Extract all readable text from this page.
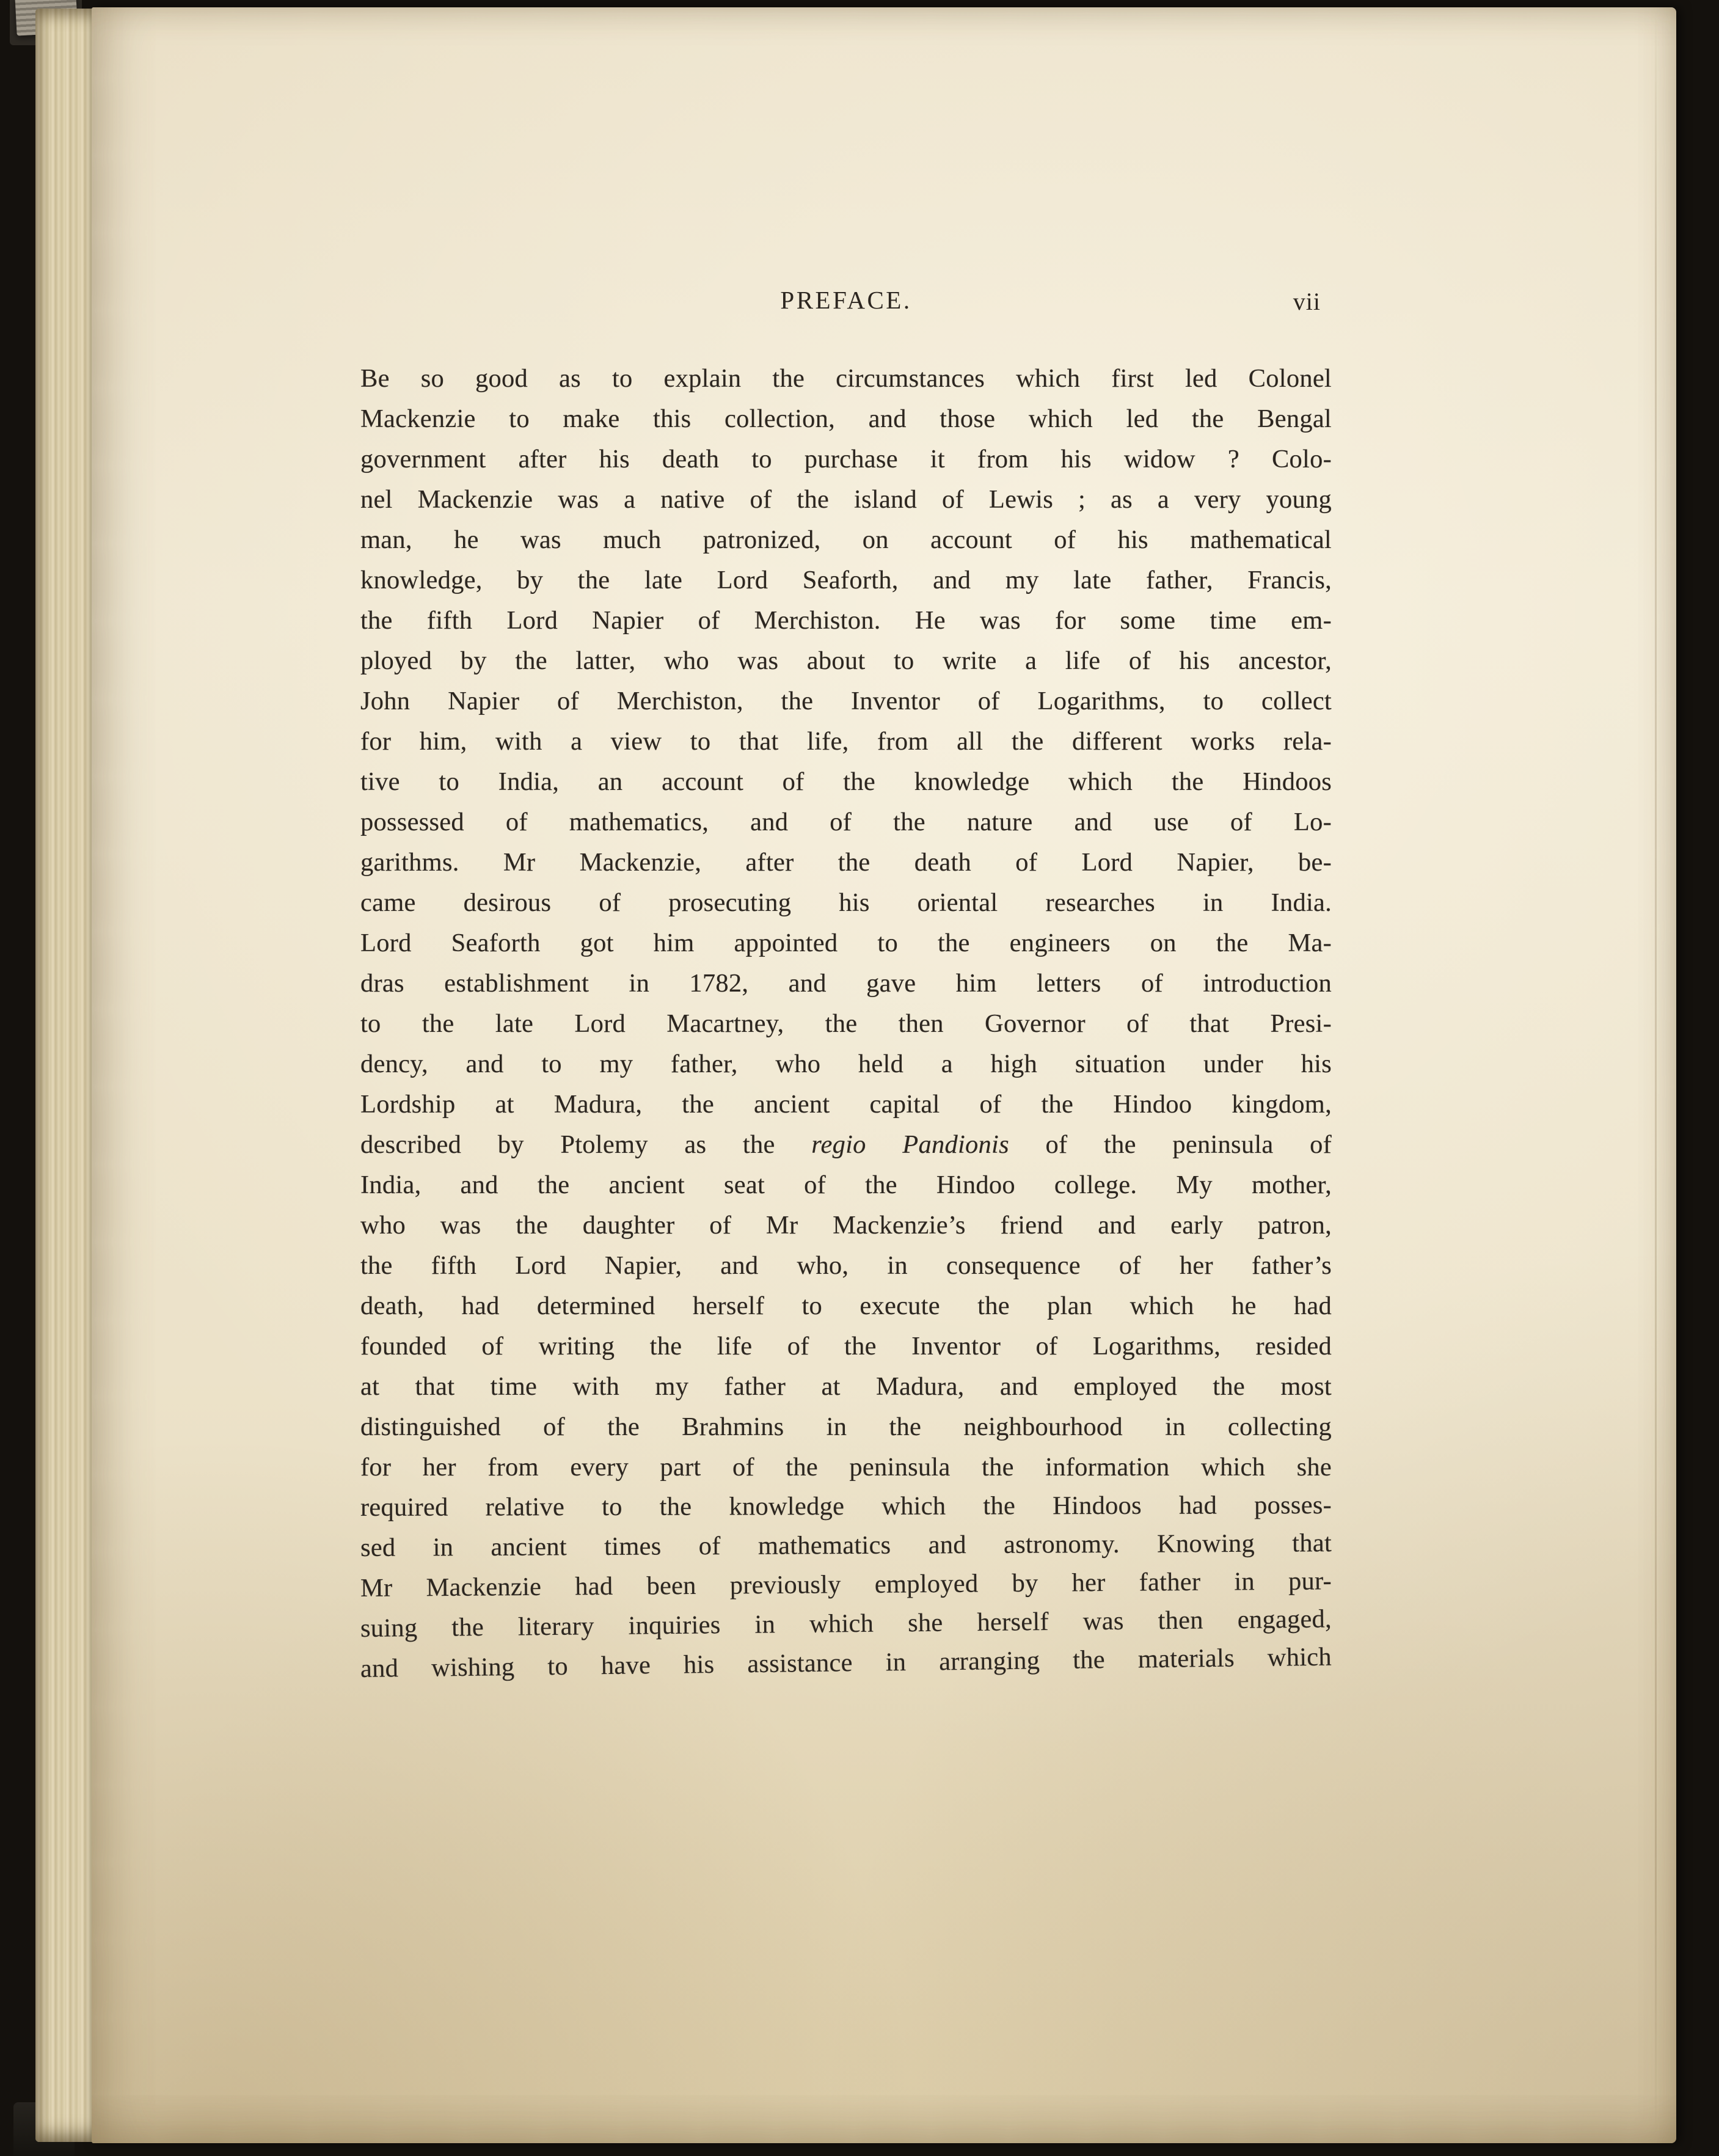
PREFACE.	vii
Be so good as to explain the circumstances which first led Colonel
Mackenzie to make this collection, and those which led the Bengal
government after his death to purchase it from his widow ? Colo-
nel Mackenzie was a native of the island of Lewis ; as a very young
man, he was much patronized, on account of his mathematical
knowledge, by the late Lord Seaforth, and my late father, Francis,
the fifth Lord Napier of Merchiston. He was for some time em-
ployed by the latter, who was about to write a life of his ancestor,
John Napier of Merchiston, the Inventor of Logarithms, to collect
for him, with a view to that life, from all the different works rela-
tive to India, an account of the knowledge which the Hindoos
possessed of mathematics, and of the nature and use of Lo-
garithms. Mr Mackenzie, after the death of Lord Napier, be-
came desirous of prosecuting his oriental researches in India.
Lord Seaforth got him appointed to the engineers on the Ma-
dras establishment in 1782, and gave him letters of introduction
to the late Lord Macartney, the then Governor of that Presi-
dency, and to my father, who held a high situation under his
Lordship at Madura, the ancient capital of the Hindoo kingdom,
described by Ptolemy as the regio Pandionis of the peninsula of
India, and the ancient seat of the Hindoo college. My mother,
who was the daughter of Mr Mackenzie’s friend and early patron,
the fifth Lord Napier, and who, in consequence of her father’s
death, had determined herself to execute the plan which he had
founded of writing the life of the Inventor of Logarithms, resided
at that time with my father at Madura, and employed the most
distinguished of the Brahmins in the neighbourhood in collecting
for her from every part of the peninsula the information which she
required relative to the knowledge which the Hindoos had posses-
sed in ancient times of mathematics and astronomy. Knowing that
Mr Mackenzie had been previously employed by her father in pur-
suing the literary inquiries in which she herself was then engaged,
and wishing to have his assistance in arranging the materials which
